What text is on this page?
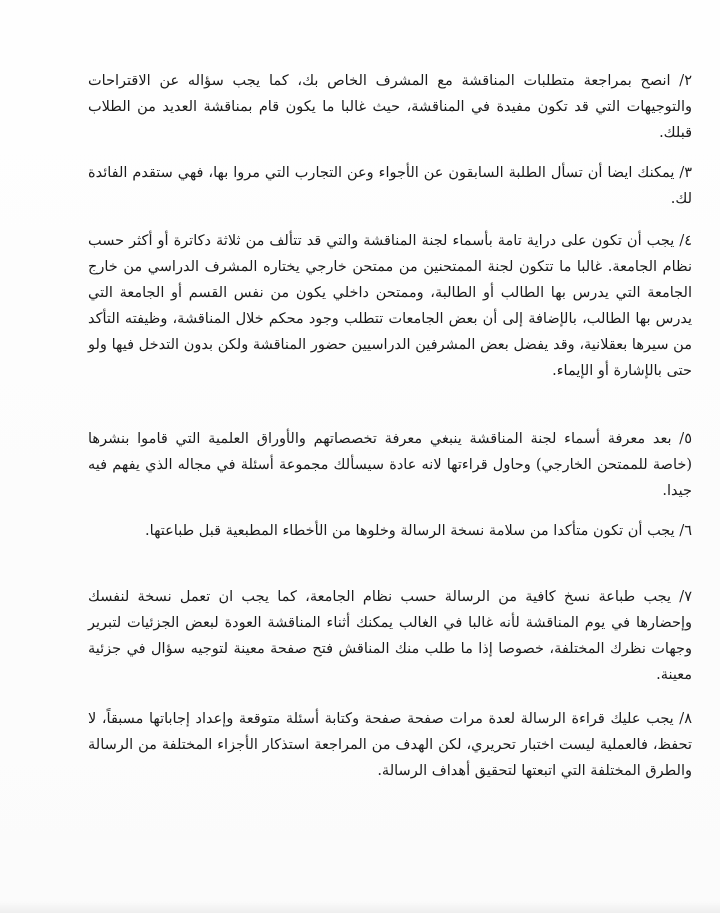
٢/ انصح بمراجعة متطلبات المناقشة مع المشرف الخاص بك، كما يجب سؤاله عن الاقتراحات والتوجيهات التي قد تكون مفيدة في المناقشة، حيث غالبا ما يكون قام بمناقشة العديد من الطلاب قبلك.

٣/ يمكنك ايضا أن تسأل الطلبة السابقون عن الأجواء وعن التجارب التي مروا بها، فهي ستقدم الفائدة لك.

٤/ يجب أن تكون على دراية تامة بأسماء لجنة المناقشة والتي قد تتألف من ثلاثة دكاترة أو أكثر حسب نظام الجامعة. غالبا ما تتكون لجنة الممتحنين من ممتحن خارجي يختاره المشرف الدراسي من خارج الجامعة التي يدرس بها الطالب أو الطالبة، وممتحن داخلي يكون من نفس القسم أو الجامعة التي يدرس بها الطالب، بالإضافة إلى أن بعض الجامعات تتطلب وجود محكم خلال المناقشة، وظيفته التأكد من سيرها بعقلانية، وقد يفضل بعض المشرفين الدراسيين حضور المناقشة ولكن بدون التدخل فيها ولو حتى بالإشارة أو الإيماء.

٥/ بعد معرفة أسماء لجنة المناقشة ينبغي معرفة تخصصاتهم والأوراق العلمية التي قاموا بنشرها (خاصة للممتحن الخارجي) وحاول قراءتها لانه عادة سيسألك مجموعة أسئلة في مجاله الذي يفهم فيه جيدا.

٦/ يجب أن تكون متأكدا من سلامة نسخة الرسالة وخلوها من الأخطاء المطبعية قبل طباعتها.

٧/ يجب طباعة نسخ كافية من الرسالة حسب نظام الجامعة، كما يجب ان تعمل نسخة لنفسك وإحضارها في يوم المناقشة لأنه غالبا في الغالب يمكنك أثناء المناقشة العودة لبعض الجزئيات لتبرير وجهات نظرك المختلفة، خصوصا إذا ما طلب منك المناقش فتح صفحة معينة لتوجيه سؤال في جزئية معينة.

٨/ يجب عليك قراءة الرسالة لعدة مرات صفحة صفحة وكتابة أسئلة متوقعة وإعداد إجاباتها مسبقاً، لا تحفظ، فالعملية ليست اختبار تحريري، لكن الهدف من المراجعة استذكار الأجزاء المختلفة من الرسالة والطرق المختلفة التي اتبعتها لتحقيق أهداف الرسالة.
